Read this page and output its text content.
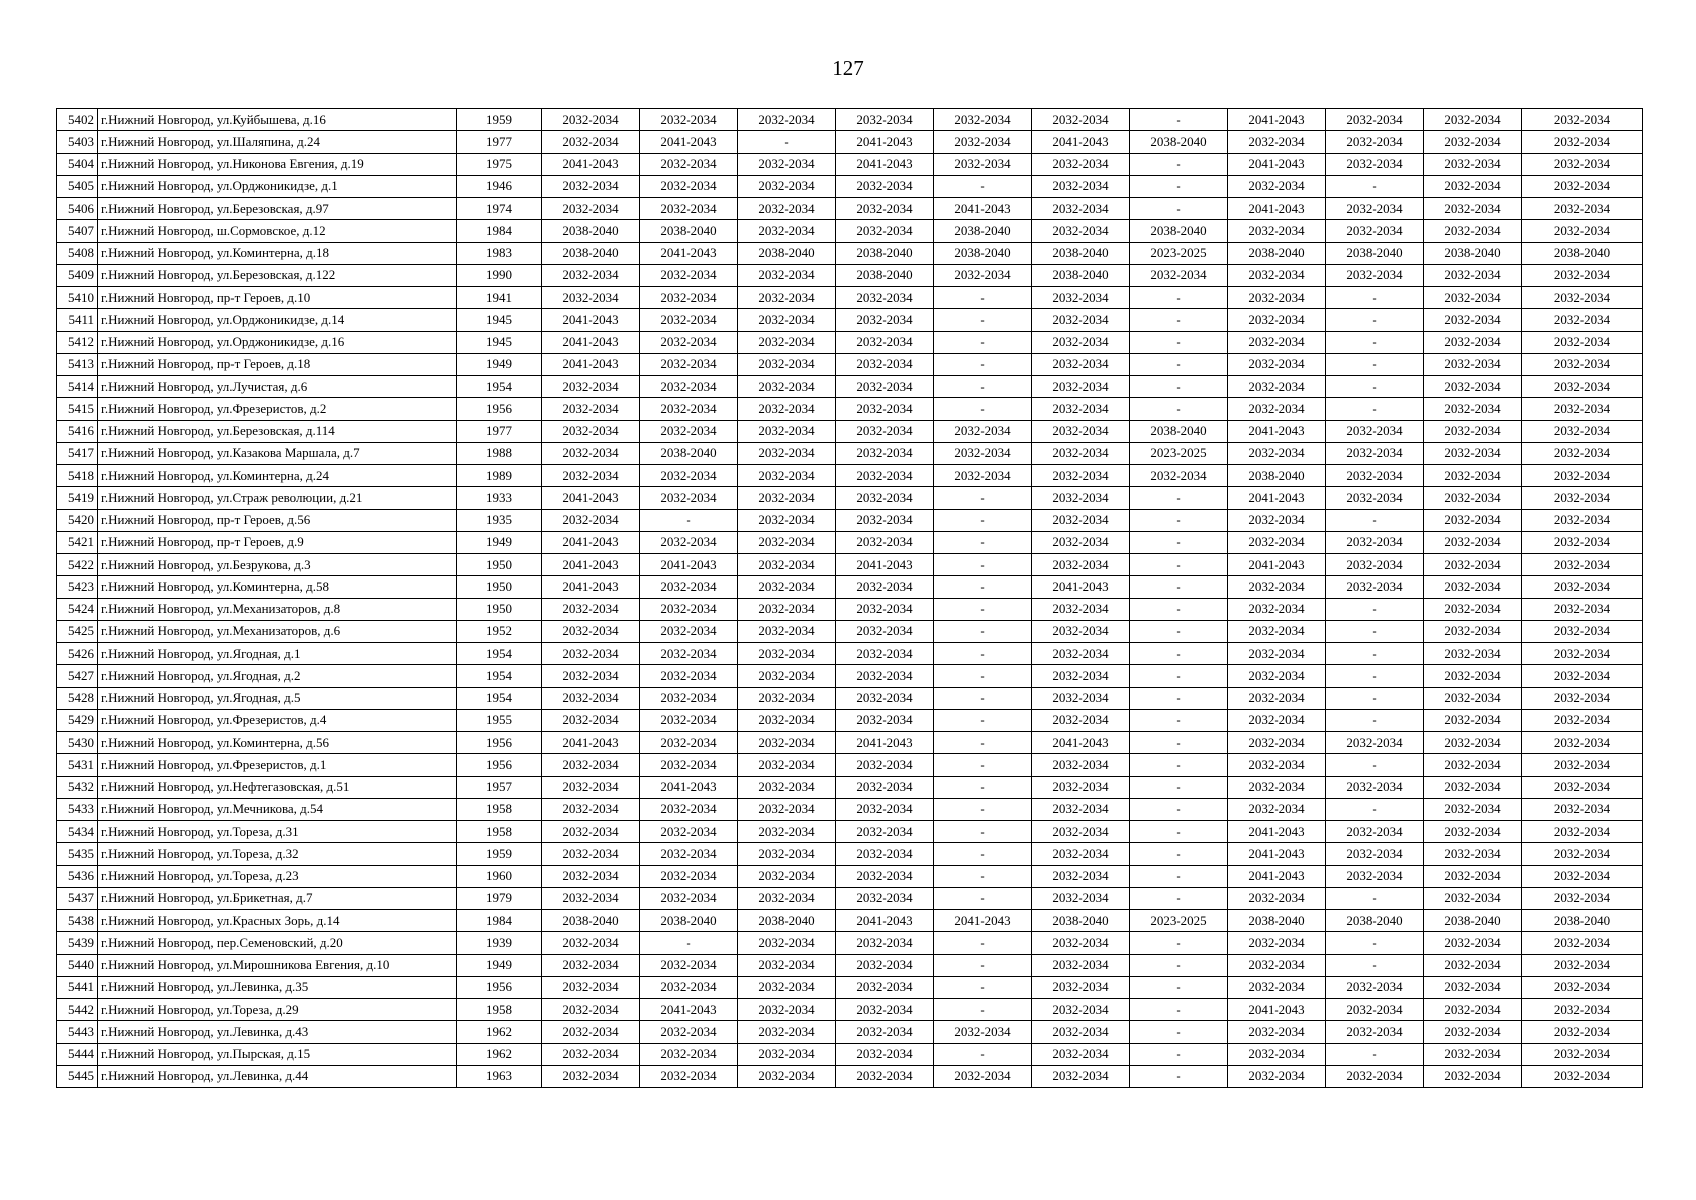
127
5402	г.Нижний Новгород, ул.Куйбышева, д.16	1959	2032-2034	2032-2034	2032-2034	2032-2034	2032-2034	2032-2034	-	2041-2043	2032-2034	2032-2034	2032-2034
5403	г.Нижний Новгород, ул.Шаляпина, д.24	1977	2032-2034	2041-2043	-	2041-2043	2032-2034	2041-2043	2038-2040	2032-2034	2032-2034	2032-2034	2032-2034
5404	г.Нижний Новгород, ул.Никонова Евгения, д.19	1975	2041-2043	2032-2034	2032-2034	2041-2043	2032-2034	2032-2034	-	2041-2043	2032-2034	2032-2034	2032-2034
5405	г.Нижний Новгород, ул.Орджоникидзе, д.1	1946	2032-2034	2032-2034	2032-2034	2032-2034	-	2032-2034	-	2032-2034	-	2032-2034	2032-2034
5406	г.Нижний Новгород, ул.Березовская, д.97	1974	2032-2034	2032-2034	2032-2034	2032-2034	2041-2043	2032-2034	-	2041-2043	2032-2034	2032-2034	2032-2034
5407	г.Нижний Новгород, ш.Сормовское, д.12	1984	2038-2040	2038-2040	2032-2034	2032-2034	2038-2040	2032-2034	2038-2040	2032-2034	2032-2034	2032-2034	2032-2034
5408	г.Нижний Новгород, ул.Коминтерна, д.18	1983	2038-2040	2041-2043	2038-2040	2038-2040	2038-2040	2038-2040	2023-2025	2038-2040	2038-2040	2038-2040	2038-2040
5409	г.Нижний Новгород, ул.Березовская, д.122	1990	2032-2034	2032-2034	2032-2034	2038-2040	2032-2034	2038-2040	2032-2034	2032-2034	2032-2034	2032-2034	2032-2034
5410	г.Нижний Новгород, пр-т Героев, д.10	1941	2032-2034	2032-2034	2032-2034	2032-2034	-	2032-2034	-	2032-2034	-	2032-2034	2032-2034
5411	г.Нижний Новгород, ул.Орджоникидзе, д.14	1945	2041-2043	2032-2034	2032-2034	2032-2034	-	2032-2034	-	2032-2034	-	2032-2034	2032-2034
5412	г.Нижний Новгород, ул.Орджоникидзе, д.16	1945	2041-2043	2032-2034	2032-2034	2032-2034	-	2032-2034	-	2032-2034	-	2032-2034	2032-2034
5413	г.Нижний Новгород, пр-т Героев, д.18	1949	2041-2043	2032-2034	2032-2034	2032-2034	-	2032-2034	-	2032-2034	-	2032-2034	2032-2034
5414	г.Нижний Новгород, ул.Лучистая, д.6	1954	2032-2034	2032-2034	2032-2034	2032-2034	-	2032-2034	-	2032-2034	-	2032-2034	2032-2034
5415	г.Нижний Новгород, ул.Фрезеристов, д.2	1956	2032-2034	2032-2034	2032-2034	2032-2034	-	2032-2034	-	2032-2034	-	2032-2034	2032-2034
5416	г.Нижний Новгород, ул.Березовская, д.114	1977	2032-2034	2032-2034	2032-2034	2032-2034	2032-2034	2032-2034	2038-2040	2041-2043	2032-2034	2032-2034	2032-2034
5417	г.Нижний Новгород, ул.Казакова Маршала, д.7	1988	2032-2034	2038-2040	2032-2034	2032-2034	2032-2034	2032-2034	2023-2025	2032-2034	2032-2034	2032-2034	2032-2034
5418	г.Нижний Новгород, ул.Коминтерна, д.24	1989	2032-2034	2032-2034	2032-2034	2032-2034	2032-2034	2032-2034	2032-2034	2038-2040	2032-2034	2032-2034	2032-2034
5419	г.Нижний Новгород, ул.Страж революции, д.21	1933	2041-2043	2032-2034	2032-2034	2032-2034	-	2032-2034	-	2041-2043	2032-2034	2032-2034	2032-2034
5420	г.Нижний Новгород, пр-т Героев, д.56	1935	2032-2034	-	2032-2034	2032-2034	-	2032-2034	-	2032-2034	-	2032-2034	2032-2034
5421	г.Нижний Новгород, пр-т Героев, д.9	1949	2041-2043	2032-2034	2032-2034	2032-2034	-	2032-2034	-	2032-2034	2032-2034	2032-2034	2032-2034
5422	г.Нижний Новгород, ул.Безрукова, д.3	1950	2041-2043	2041-2043	2032-2034	2041-2043	-	2032-2034	-	2041-2043	2032-2034	2032-2034	2032-2034
5423	г.Нижний Новгород, ул.Коминтерна, д.58	1950	2041-2043	2032-2034	2032-2034	2032-2034	-	2041-2043	-	2032-2034	2032-2034	2032-2034	2032-2034
5424	г.Нижний Новгород, ул.Механизаторов, д.8	1950	2032-2034	2032-2034	2032-2034	2032-2034	-	2032-2034	-	2032-2034	-	2032-2034	2032-2034
5425	г.Нижний Новгород, ул.Механизаторов, д.6	1952	2032-2034	2032-2034	2032-2034	2032-2034	-	2032-2034	-	2032-2034	-	2032-2034	2032-2034
5426	г.Нижний Новгород, ул.Ягодная, д.1	1954	2032-2034	2032-2034	2032-2034	2032-2034	-	2032-2034	-	2032-2034	-	2032-2034	2032-2034
5427	г.Нижний Новгород, ул.Ягодная, д.2	1954	2032-2034	2032-2034	2032-2034	2032-2034	-	2032-2034	-	2032-2034	-	2032-2034	2032-2034
5428	г.Нижний Новгород, ул.Ягодная, д.5	1954	2032-2034	2032-2034	2032-2034	2032-2034	-	2032-2034	-	2032-2034	-	2032-2034	2032-2034
5429	г.Нижний Новгород, ул.Фрезеристов, д.4	1955	2032-2034	2032-2034	2032-2034	2032-2034	-	2032-2034	-	2032-2034	-	2032-2034	2032-2034
5430	г.Нижний Новгород, ул.Коминтерна, д.56	1956	2041-2043	2032-2034	2032-2034	2041-2043	-	2041-2043	-	2032-2034	2032-2034	2032-2034	2032-2034
5431	г.Нижний Новгород, ул.Фрезеристов, д.1	1956	2032-2034	2032-2034	2032-2034	2032-2034	-	2032-2034	-	2032-2034	-	2032-2034	2032-2034
5432	г.Нижний Новгород, ул.Нефтегазовская, д.51	1957	2032-2034	2041-2043	2032-2034	2032-2034	-	2032-2034	-	2032-2034	2032-2034	2032-2034	2032-2034
5433	г.Нижний Новгород, ул.Мечникова, д.54	1958	2032-2034	2032-2034	2032-2034	2032-2034	-	2032-2034	-	2032-2034	-	2032-2034	2032-2034
5434	г.Нижний Новгород, ул.Тореза, д.31	1958	2032-2034	2032-2034	2032-2034	2032-2034	-	2032-2034	-	2041-2043	2032-2034	2032-2034	2032-2034
5435	г.Нижний Новгород, ул.Тореза, д.32	1959	2032-2034	2032-2034	2032-2034	2032-2034	-	2032-2034	-	2041-2043	2032-2034	2032-2034	2032-2034
5436	г.Нижний Новгород, ул.Тореза, д.23	1960	2032-2034	2032-2034	2032-2034	2032-2034	-	2032-2034	-	2041-2043	2032-2034	2032-2034	2032-2034
5437	г.Нижний Новгород, ул.Брикетная, д.7	1979	2032-2034	2032-2034	2032-2034	2032-2034	-	2032-2034	-	2032-2034	-	2032-2034	2032-2034
5438	г.Нижний Новгород, ул.Красных Зорь, д.14	1984	2038-2040	2038-2040	2038-2040	2041-2043	2041-2043	2038-2040	2023-2025	2038-2040	2038-2040	2038-2040	2038-2040
5439	г.Нижний Новгород, пер.Семеновский, д.20	1939	2032-2034	-	2032-2034	2032-2034	-	2032-2034	-	2032-2034	-	2032-2034	2032-2034
5440	г.Нижний Новгород, ул.Мирошникова Евгения, д.10	1949	2032-2034	2032-2034	2032-2034	2032-2034	-	2032-2034	-	2032-2034	-	2032-2034	2032-2034
5441	г.Нижний Новгород, ул.Левинка, д.35	1956	2032-2034	2032-2034	2032-2034	2032-2034	-	2032-2034	-	2032-2034	2032-2034	2032-2034	2032-2034
5442	г.Нижний Новгород, ул.Тореза, д.29	1958	2032-2034	2041-2043	2032-2034	2032-2034	-	2032-2034	-	2041-2043	2032-2034	2032-2034	2032-2034
5443	г.Нижний Новгород, ул.Левинка, д.43	1962	2032-2034	2032-2034	2032-2034	2032-2034	2032-2034	2032-2034	-	2032-2034	2032-2034	2032-2034	2032-2034
5444	г.Нижний Новгород, ул.Пырская, д.15	1962	2032-2034	2032-2034	2032-2034	2032-2034	-	2032-2034	-	2032-2034	-	2032-2034	2032-2034
5445	г.Нижний Новгород, ул.Левинка, д.44	1963	2032-2034	2032-2034	2032-2034	2032-2034	2032-2034	2032-2034	-	2032-2034	2032-2034	2032-2034	2032-2034
